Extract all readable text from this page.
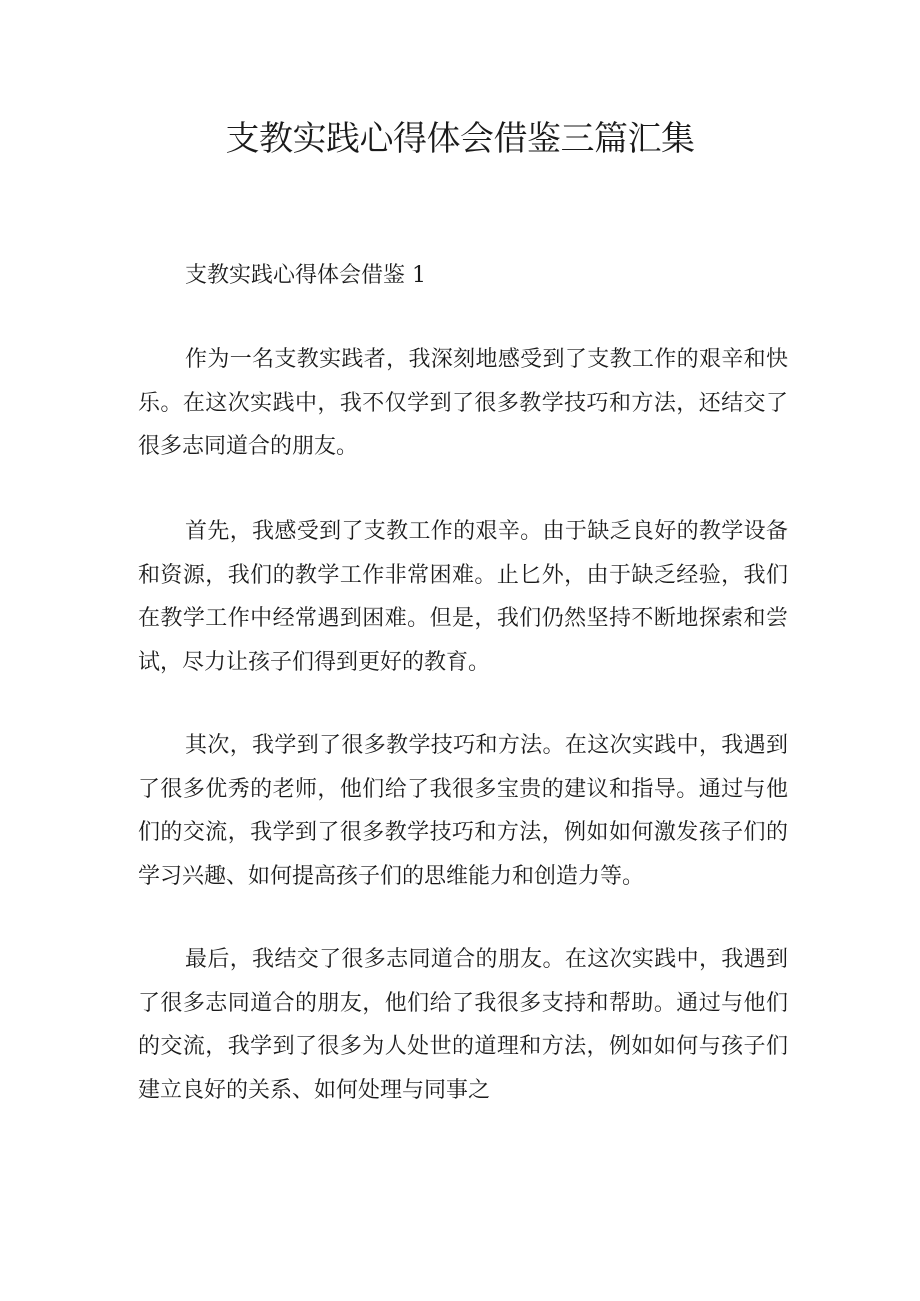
支教实践心得体会借鉴三篇汇集
支教实践心得体会借鉴 1

作为一名支教实践者，我深刻地感受到了支教工作的艰辛和快乐。在这次实践中，我不仅学到了很多教学技巧和方法，还结交了很多志同道合的朋友。

首先，我感受到了支教工作的艰辛。由于缺乏良好的教学设备和资源，我们的教学工作非常困难。止匕外，由于缺乏经验，我们在教学工作中经常遇到困难。但是，我们仍然坚持不断地探索和尝试，尽力让孩子们得到更好的教育。

其次，我学到了很多教学技巧和方法。在这次实践中，我遇到了很多优秀的老师，他们给了我很多宝贵的建议和指导。通过与他们的交流，我学到了很多教学技巧和方法，例如如何激发孩子们的学习兴趣、如何提高孩子们的思维能力和创造力等。

最后，我结交了很多志同道合的朋友。在这次实践中，我遇到了很多志同道合的朋友，他们给了我很多支持和帮助。通过与他们的交流，我学到了很多为人处世的道理和方法，例如如何与孩子们建立良好的关系、如何处理与同事之
